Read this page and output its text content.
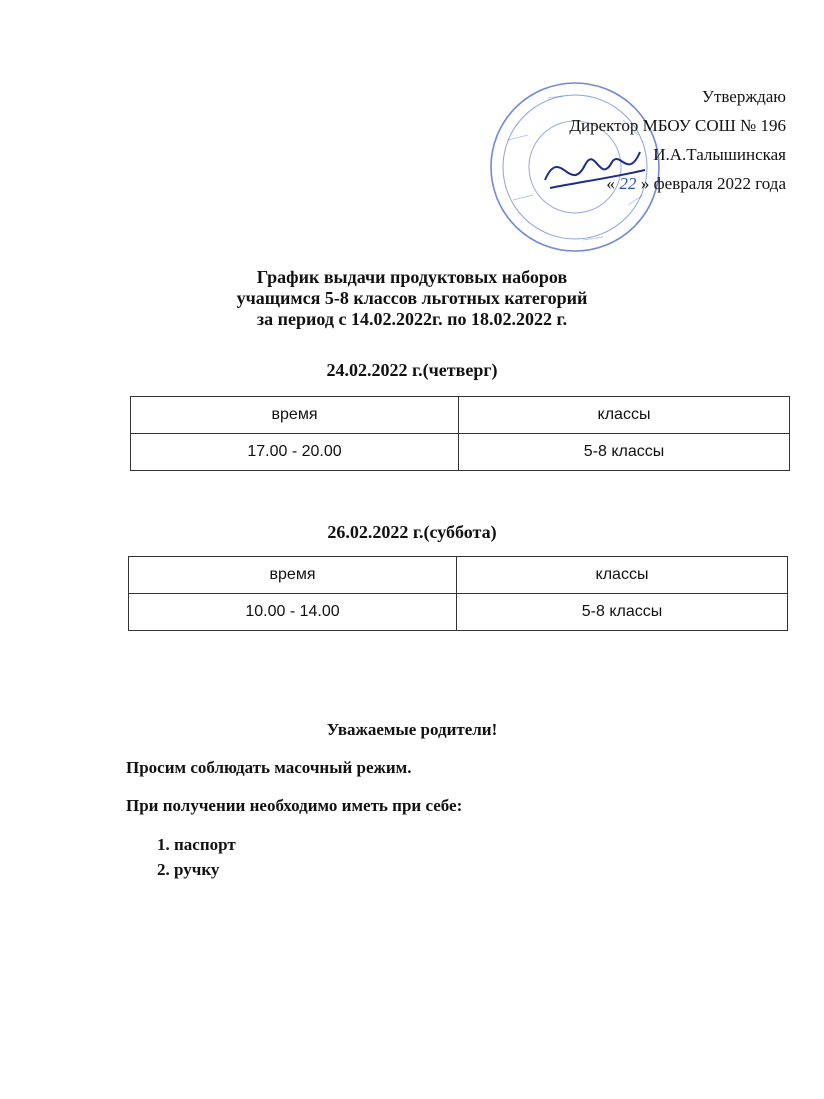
Утверждаю
Директор МБОУ СОШ № 196
И.А.Талышинская
« 22 » февраля 2022 года
График выдачи продуктовых наборов
учащимся 5-8 классов льготных категорий
за период с 14.02.2022г. по 18.02.2022 г.
24.02.2022 г.(четверг)
время	классы
17.00 - 20.00	5-8 классы
26.02.2022 г.(суббота)
время	классы
10.00 - 14.00	5-8 классы
Уважаемые родители!
Просим соблюдать масочный режим.
При получении необходимо иметь при себе:
1. паспорт
2. ручку
